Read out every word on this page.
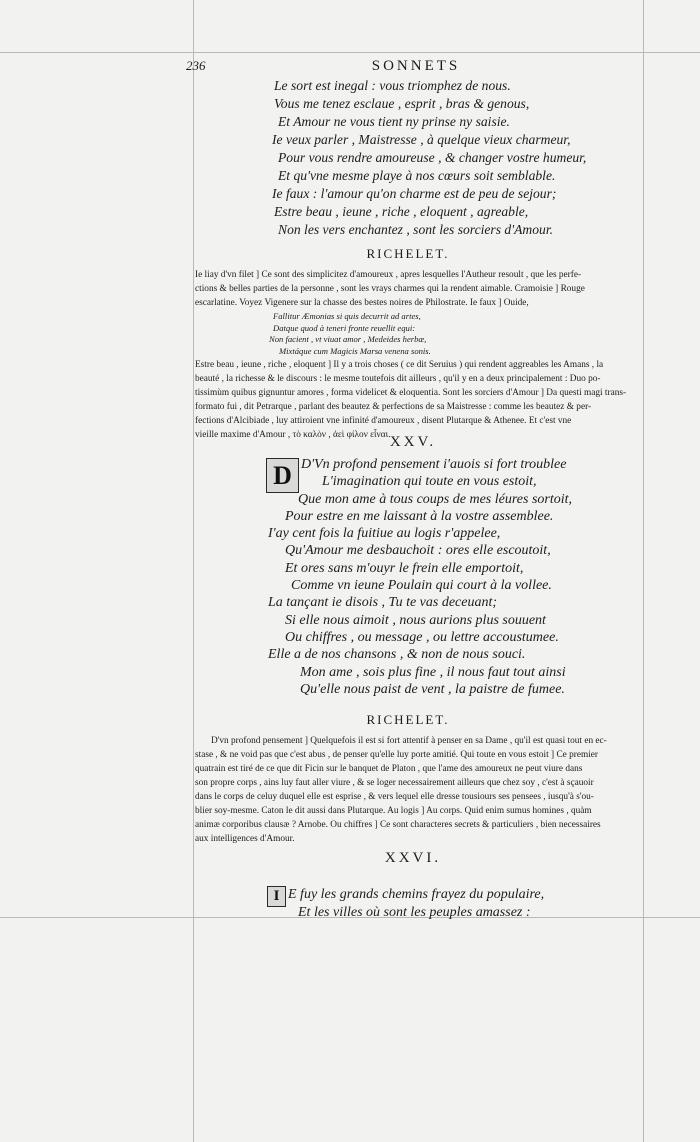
236	SONNETS
Le sort est inegal : vous triomphez de nous.
Vous me tenez esclaue , esprit , bras & genous,
Et Amour ne vous tient ny prinse ny saisie.
Ie veux parler , Maistresse , à quelque vieux charmeur,
Pour vous rendre amoureuse , & changer vostre humeur,
Et qu'vne mesme playe à nos cœurs soit semblable.
Ie faux : l'amour qu'on charme est de peu de sejour;
Estre beau , ieune , riche , eloquent , agreable,
Non les vers enchantez , sont les sorciers d'Amour.
RICHELET.
Ie liay d'vn filet ] Ce sont des simplicitez d'amoureux , apres lesquelles l'Autheur resoult , que les perfe-
ctions & belles parties de la personne , sont les vrays charmes qui la rendent aimable. Cramoisie ] Rouge
escarlatine. Voyez Vigenere sur la chasse des bestes noires de Philostrate. Ie faux ] Ouide,
Fallitur Æmonias si quis decurrit ad artes,
Datque quod à teneri fronte reuellit equi:
Non facient , vt viuat amor , Medeides herbæ,
Mixtáque cum Magicis Marsa venena sonis.
Estre beau , ieune , riche , eloquent ] Il y a trois choses ( ce dit Seruius ) qui rendent aggreables les Amans , la
beauté , la richesse & le discours : le mesme toutefois dit ailleurs , qu'il y en a deux principalement : Duo po-
tissimùm quibus gignuntur amores , forma videlicet & eloquentia. Sont les sorciers d'Amour ] Da questi magi trans-
formato fui , dit Petrarque , parlant des beautez & perfections de sa Maistresse : comme les beautez & per-
fections d'Alcibiade , luy attiroient vne infinité d'amoureux , disent Plutarque & Athenee. Et c'est vne
vieille maxime d'Amour , τὸ καλὸν , ἀεὶ φίλον εἶναι. XXV.
D D'Vn profond pensement i'auois si fort troublee
L'imagination qui toute en vous estoit,
Que mon ame à tous coups de mes léures sortoit,
Pour estre en me laissant à la vostre assemblee.
I'ay cent fois la fuitiue au logis r'appelee,
Qu'Amour me desbauchoit : ores elle escoutoit,
Et ores sans m'ouyr le frein elle emportoit,
Comme vn ieune Poulain qui court à la vollee.
La tançant ie disois , Tu te vas deceuant;
Si elle nous aimoit , nous aurions plus souuent
Ou chiffres , ou message , ou lettre accoustumee.
Elle a de nos chansons , & non de nous souci.
Mon ame , sois plus fine , il nous faut tout ainsi
Qu'elle nous paist de vent , la paistre de fumee.
RICHELET.
D'vn profond pensement ] Quelquefois il est si fort attentif à penser en sa Dame , qu'il est quasi tout en ec-
stase , & ne void pas que c'est abus , de penser qu'elle luy porte amitié. Qui toute en vous estoit ] Ce premier
quatrain est tiré de ce que dit Ficin sur le banquet de Platon , que l'ame des amoureux ne peut viure dans
son propre corps , ains luy faut aller viure , & se loger necessairement ailleurs que chez soy , c'est à sçauoir
dans le corps de celuy duquel elle est esprise , & vers lequel elle dresse tousiours ses pensees , iusqu'à s'ou-
blier soy-mesme. Caton le dit aussi dans Plutarque. Au logis ] Au corps. Quid enim sumus homines , quàm
animæ corporibus clausæ ? Arnobe. Ou chiffres ] Ce sont characteres secrets & particuliers , bien necessaires
aux intelligences d'Amour.
XXVI.
I E fuy les grands chemins frayez du populaire,
Et les villes où sont les peuples amassez :
